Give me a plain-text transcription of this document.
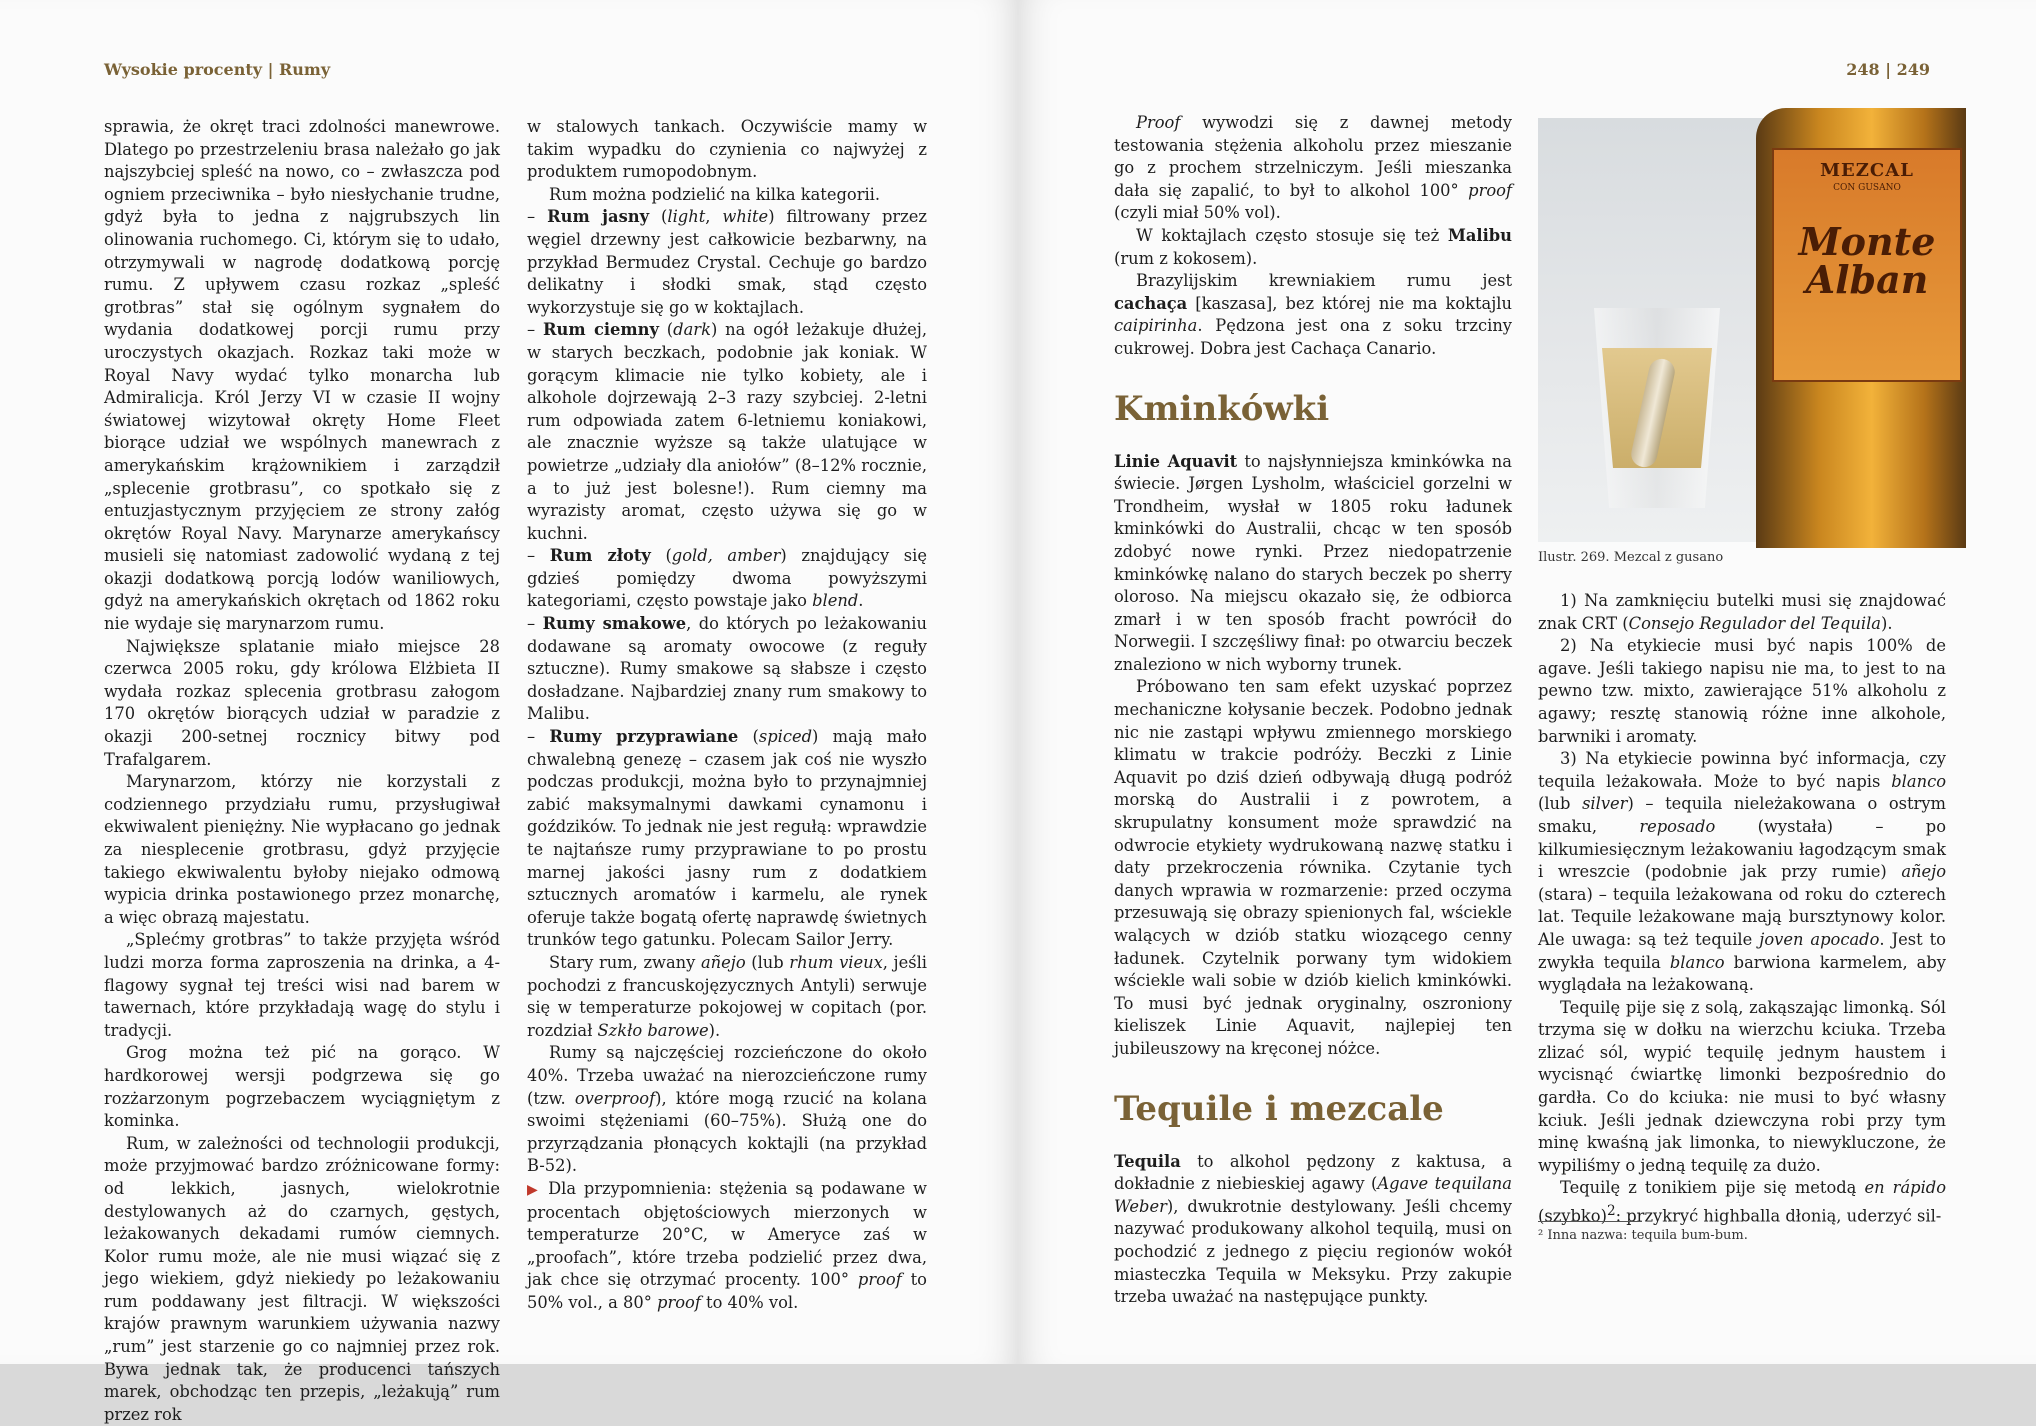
Wysokie procenty | Rumy

sprawia, że okręt traci zdolności manewrowe. Dlatego po przestrzeleniu brasa należało go jak najszybciej spleść na nowo, co – zwłaszcza pod ogniem przeciwnika – było niesłychanie trudne, gdyż była to jedna z najgrubszych lin olinowania ruchomego. Ci, którym się to udało, otrzymywali w nagrodę dodatkową porcję rumu. Z upływem czasu rozkaz „spleść grotbras” stał się ogólnym sygnałem do wydania dodatkowej porcji rumu przy uroczystych okazjach. Rozkaz taki może w Royal Navy wydać tylko monarcha lub Admiralicja. Król Jerzy VI w czasie II wojny światowej wizytował okręty Home Fleet biorące udział we wspólnych manewrach z amerykańskim krążownikiem i zarządził „splecenie grotbrasu”, co spotkało się z entuzjastycznym przyjęciem ze strony załóg okrętów Royal Navy. Marynarze amerykańscy musieli się natomiast zadowolić wydaną z tej okazji dodatkową porcją lodów waniliowych, gdyż na amerykańskich okrętach od 1862 roku nie wydaje się marynarzom rumu.

Największe splatanie miało miejsce 28 czerwca 2005 roku, gdy królowa Elżbieta II wydała rozkaz splecenia grotbrasu załogom 170 okrętów biorących udział w paradzie z okazji 200-setnej rocznicy bitwy pod Trafalgarem.

Marynarzom, którzy nie korzystali z codziennego przydziału rumu, przysługiwał ekwiwalent pieniężny. Nie wypłacano go jednak za niesplecenie grotbrasu, gdyż przyjęcie takiego ekwiwalentu byłoby niejako odmową wypicia drinka postawionego przez monarchę, a więc obrazą majestatu.

„Splećmy grotbras” to także przyjęta wśród ludzi morza forma zaproszenia na drinka, a 4-flagowy sygnał tej treści wisi nad barem w tawernach, które przykładają wagę do stylu i tradycji.

Grog można też pić na gorąco. W hardkorowej wersji podgrzewa się go rozżarzonym pogrzebaczem wyciągniętym z kominka.

Rum, w zależności od technologii produkcji, może przyjmować bardzo zróżnicowane formy: od lekkich, jasnych, wielokrotnie destylowanych aż do czarnych, gęstych, leżakowanych dekadami rumów ciemnych. Kolor rumu może, ale nie musi wiązać się z jego wiekiem, gdyż niekiedy po leżakowaniu rum poddawany jest filtracji. W większości krajów prawnym warunkiem używania nazwy „rum” jest starzenie go co najmniej przez rok. Bywa jednak tak, że producenci tańszych marek, obchodząc ten przepis, „leżakują” rum przez rok

w stalowych tankach. Oczywiście mamy w takim wypadku do czynienia co najwyżej z produktem rumopodobnym.

Rum można podzielić na kilka kategorii.

– Rum jasny (light, white) filtrowany przez węgiel drzewny jest całkowicie bezbarwny, na przykład Bermudez Crystal. Cechuje go bardzo delikatny i słodki smak, stąd często wykorzystuje się go w koktajlach.

– Rum ciemny (dark) na ogół leżakuje dłużej, w starych beczkach, podobnie jak koniak. W gorącym klimacie nie tylko kobiety, ale i alkohole dojrzewają 2–3 razy szybciej. 2-letni rum odpowiada zatem 6-letniemu koniakowi, ale znacznie wyższe są także ulatujące w powietrze „udziały dla aniołów” (8–12% rocznie, a to już jest bolesne!). Rum ciemny ma wyrazisty aromat, często używa się go w kuchni.

– Rum złoty (gold, amber) znajdujący się gdzieś pomiędzy dwoma powyższymi kategoriami, często powstaje jako blend.

– Rumy smakowe, do których po leżakowaniu dodawane są aromaty owocowe (z reguły sztuczne). Rumy smakowe są słabsze i często dosładzane. Najbardziej znany rum smakowy to Malibu.

– Rumy przyprawiane (spiced) mają mało chwalebną genezę – czasem jak coś nie wyszło podczas produkcji, można było to przynajmniej zabić maksymalnymi dawkami cynamonu i goździków. To jednak nie jest regułą: wprawdzie te najtańsze rumy przyprawiane to po prostu marnej jakości jasny rum z dodatkiem sztucznych aromatów i karmelu, ale rynek oferuje także bogatą ofertę naprawdę świetnych trunków tego gatunku. Polecam Sailor Jerry.

Stary rum, zwany añejo (lub rhum vieux, jeśli pochodzi z francuskojęzycznych Antyli) serwuje się w temperaturze pokojowej w copitach (por. rozdział Szkło barowe).

Rumy są najczęściej rozcieńczone do około 40%. Trzeba uważać na nierozcieńczone rumy (tzw. overproof), które mogą rzucić na kolana swoimi stężeniami (60–75%). Służą one do przyrządzania płonących koktajli (na przykład B-52).

▶ Dla przypomnienia: stężenia są podawane w procentach objętościowych mierzonych w temperaturze 20°C, w Ameryce zaś w „proofach”, które trzeba podzielić przez dwa, jak chce się otrzymać procenty. 100° proof to 50% vol., a 80° proof to 40% vol.

248 | 249

Proof wywodzi się z dawnej metody testowania stężenia alkoholu przez mieszanie go z prochem strzelniczym. Jeśli mieszanka dała się zapalić, to był to alkohol 100° proof (czyli miał 50% vol).

W koktajlach często stosuje się też Malibu (rum z kokosem).

Brazylijskim krewniakiem rumu jest cachaça [kaszasa], bez której nie ma koktajlu caipirinha. Pędzona jest ona z soku trzciny cukrowej. Dobra jest Cachaça Canario.

Kminkówki

Linie Aquavit to najsłynniejsza kminkówka na świecie. Jørgen Lysholm, właściciel gorzelni w Trondheim, wysłał w 1805 roku ładunek kminkówki do Australii, chcąc w ten sposób zdobyć nowe rynki. Przez niedopatrzenie kminkówkę nalano do starych beczek po sherry oloroso. Na miejscu okazało się, że odbiorca zmarł i w ten sposób fracht powrócił do Norwegii. I szczęśliwy finał: po otwarciu beczek znaleziono w nich wyborny trunek.

Próbowano ten sam efekt uzyskać poprzez mechaniczne kołysanie beczek. Podobno jednak nic nie zastąpi wpływu zmiennego morskiego klimatu w trakcie podróży. Beczki z Linie Aquavit po dziś dzień odbywają długą podróż morską do Australii i z powrotem, a skrupulatny konsument może sprawdzić na odwrocie etykiety wydrukowaną nazwę statku i daty przekroczenia równika. Czytanie tych danych wprawia w rozmarzenie: przed oczyma przesuwają się obrazy spienionych fal, wściekle walących w dziób statku wiozącego cenny ładunek. Czytelnik porwany tym widokiem wściekle wali sobie w dziób kielich kminkówki. To musi być jednak oryginalny, oszroniony kieliszek Linie Aquavit, najlepiej ten jubileuszowy na kręconej nóżce.

Tequile i mezcale

Tequila to alkohol pędzony z kaktusa, a dokładnie z niebieskiej agawy (Agave tequilana Weber), dwukrotnie destylowany. Jeśli chcemy nazywać produkowany alkohol tequilą, musi on pochodzić z jednego z pięciu regionów wokół miasteczka Tequila w Meksyku. Przy zakupie trzeba uważać na następujące punkty.

MEZCAL
CON GUSANO
Monte Alban
Ilustr. 269. Mezcal z gusano

1) Na zamknięciu butelki musi się znajdować znak CRT (Consejo Regulador del Tequila).

2) Na etykiecie musi być napis 100% de agave. Jeśli takiego napisu nie ma, to jest to na pewno tzw. mixto, zawierające 51% alkoholu z agawy; resztę stanowią różne inne alkohole, barwniki i aromaty.

3) Na etykiecie powinna być informacja, czy tequila leżakowała. Może to być napis blanco (lub silver) – tequila nieleżakowana o ostrym smaku, reposado (wystała) – po kilkumiesięcznym leżakowaniu łagodzącym smak i wreszcie (podobnie jak przy rumie) añejo (stara) – tequila leżakowana od roku do czterech lat. Tequile leżakowane mają bursztynowy kolor. Ale uwaga: są też tequile joven apocado. Jest to zwykła tequila blanco barwiona karmelem, aby wyglądała na leżakowaną.

Tequilę pije się z solą, zakąszając limonką. Sól trzyma się w dołku na wierzchu kciuka. Trzeba zlizać sól, wypić tequilę jednym haustem i wycisnąć ćwiartkę limonki bezpośrednio do gardła. Co do kciuka: nie musi to być własny kciuk. Jeśli jednak dziewczyna robi przy tym minę kwaśną jak limonka, to niewykluczone, że wypiliśmy o jedną tequilę za dużo.

Tequilę z tonikiem pije się metodą en rápido (szybko)$^2$: przykryć highballa dłonią, uderzyć sil-

² Inna nazwa: tequila bum-bum.
